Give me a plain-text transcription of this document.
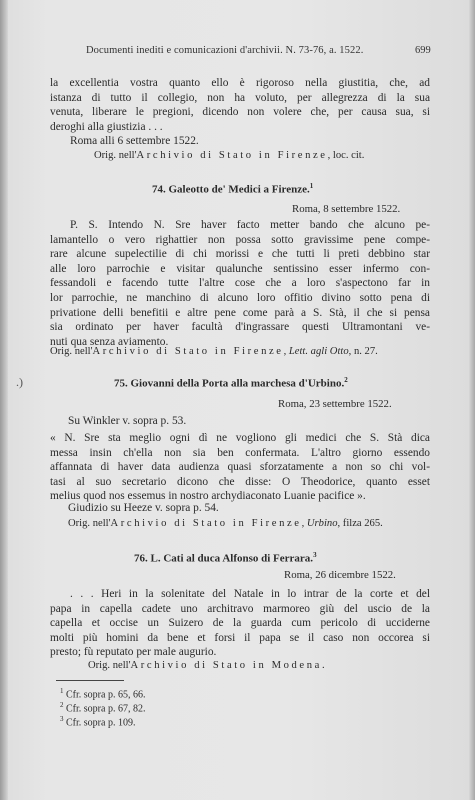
Documenti inediti e comunicazioni d'archivii. N. 73-76, a. 1522.	699

la excellentia vostra quanto ello è rigoroso nella giustitia, che, ad

istanza di tutto il collegio, non ha voluto, per allegrezza di la sua

venuta, liberare le pregioni, dicendo non volere che, per causa sua, si

deroghi alla giustizia . . .

Roma alli 6 settembre 1522.

Orig. nell'Archivio di Stato in Firenze, loc. cit.
74. Galeotto de' Medici a Firenze.$^1$
Roma, 8 settembre 1522.

P. S. Intendo N. Sre haver facto metter bando che alcuno pe-

lamantello o vero righattier non possa sotto gravissime pene compe-

rare alcune supelectilie di chi morissi e che tutti li preti debbino star

alle loro parrochie e visitar qualunche sentissino esser infermo con-

fessandoli e facendo tutte l'altre cose che a loro s'aspectono far in

lor parrochie, ne manchino di alcuno loro offitio divino sotto pena di

privatione delli benefitii e altre pene come parà a S. Stà, il che si pensa

sia ordinato per haver facultà d'ingrassare questi Ultramontani ve-

nuti qua senza aviamento.

Orig. nell'Archivio di Stato in Firenze, Lett. agli Otto, n. 27.
.)	75. Giovanni della Porta alla marchesa d'Urbino.$^2$
Roma, 23 settembre 1522.
Su Winkler v. sopra p. 53.

« N. Sre sta meglio ogni dì ne vogliono gli medici che S. Stà dica

messa insin ch'ella non sia ben confermata. L'altro giorno essendo

affannata di haver data audienza quasi sforzatamente a non so chi vol-

tasi al suo secretario dicono che disse: O Theodorice, quanto esset

melius quod nos essemus in nostro archydiaconato Luanie pacifice ».

Giudizio su Heeze v. sopra p. 54.
Orig. nell'Archivio di Stato in Firenze, Urbino, filza 265.
76. L. Cati al duca Alfonso di Ferrara.$^3$
Roma, 26 dicembre 1522.

. . . Heri in la solenitate del Natale in lo intrar de la corte et del

papa in capella cadete uno architravo marmoreo giù del uscio de la

capella et occise un Suizero de la guarda cum pericolo di ucciderne

molti più homini da bene et forsi il papa se il caso non occorea si

presto; fù reputato per male augurio.

Orig. nell'Archivio di Stato in Modena.
$^1$ Cfr. sopra p. 65, 66.
$^2$ Cfr. sopra p. 67, 82.
$^3$ Cfr. sopra p. 109.
